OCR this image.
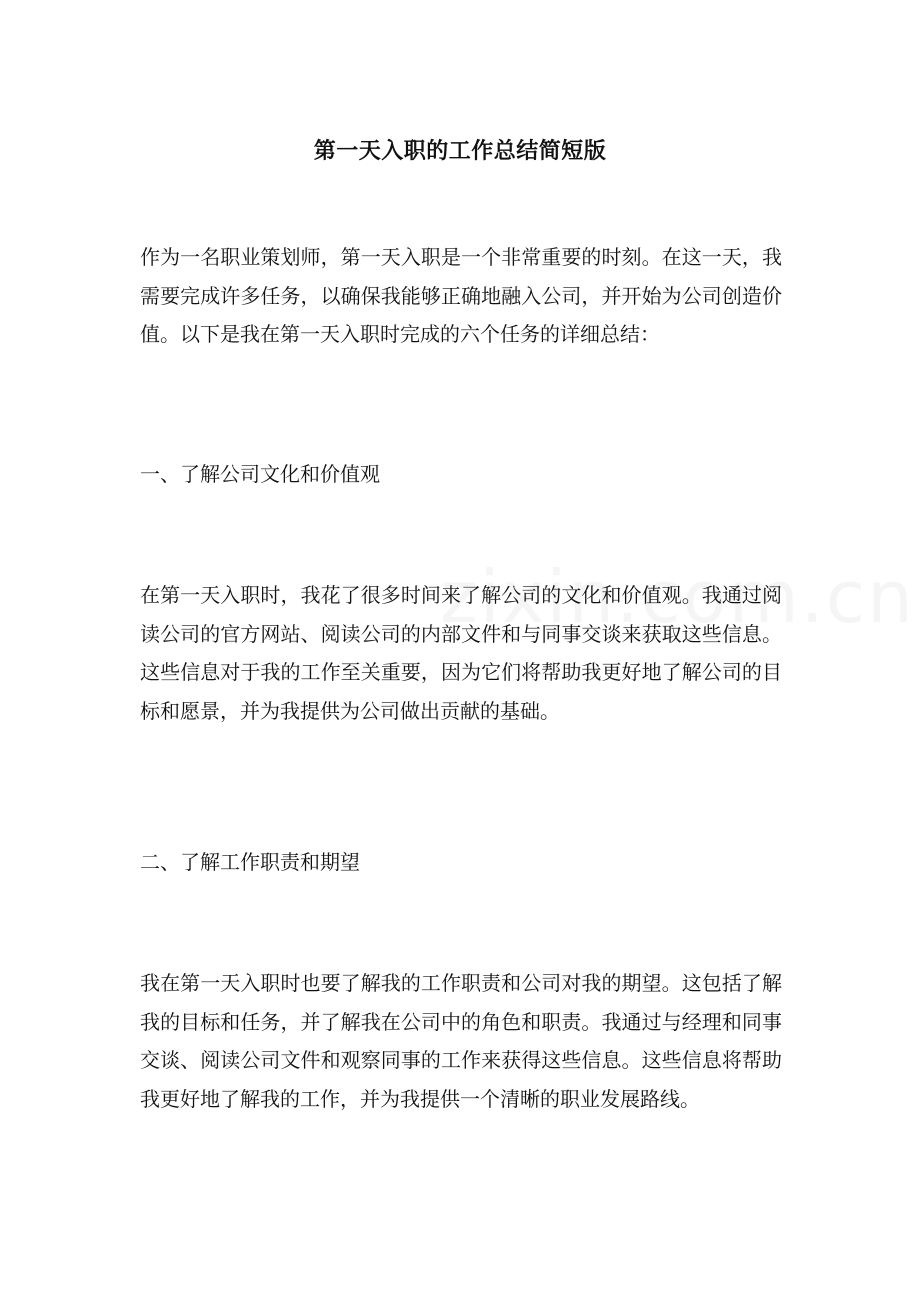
第一天入职的工作总结简短版

作为一名职业策划师，第一天入职是一个非常重要的时刻。在这一天，我需要完成许多任务，以确保我能够正确地融入公司，并开始为公司创造价值。以下是我在第一天入职时完成的六个任务的详细总结：

一、了解公司文化和价值观

在第一天入职时，我花了很多时间来了解公司的文化和价值观。我通过阅读公司的官方网站、阅读公司的内部文件和与同事交谈来获取这些信息。这些信息对于我的工作至关重要，因为它们将帮助我更好地了解公司的目标和愿景，并为我提供为公司做出贡献的基础。

二、了解工作职责和期望

我在第一天入职时也要了解我的工作职责和公司对我的期望。这包括了解我的目标和任务，并了解我在公司中的角色和职责。我通过与经理和同事交谈、阅读公司文件和观察同事的工作来获得这些信息。这些信息将帮助我更好地了解我的工作，并为我提供一个清晰的职业发展路线。
